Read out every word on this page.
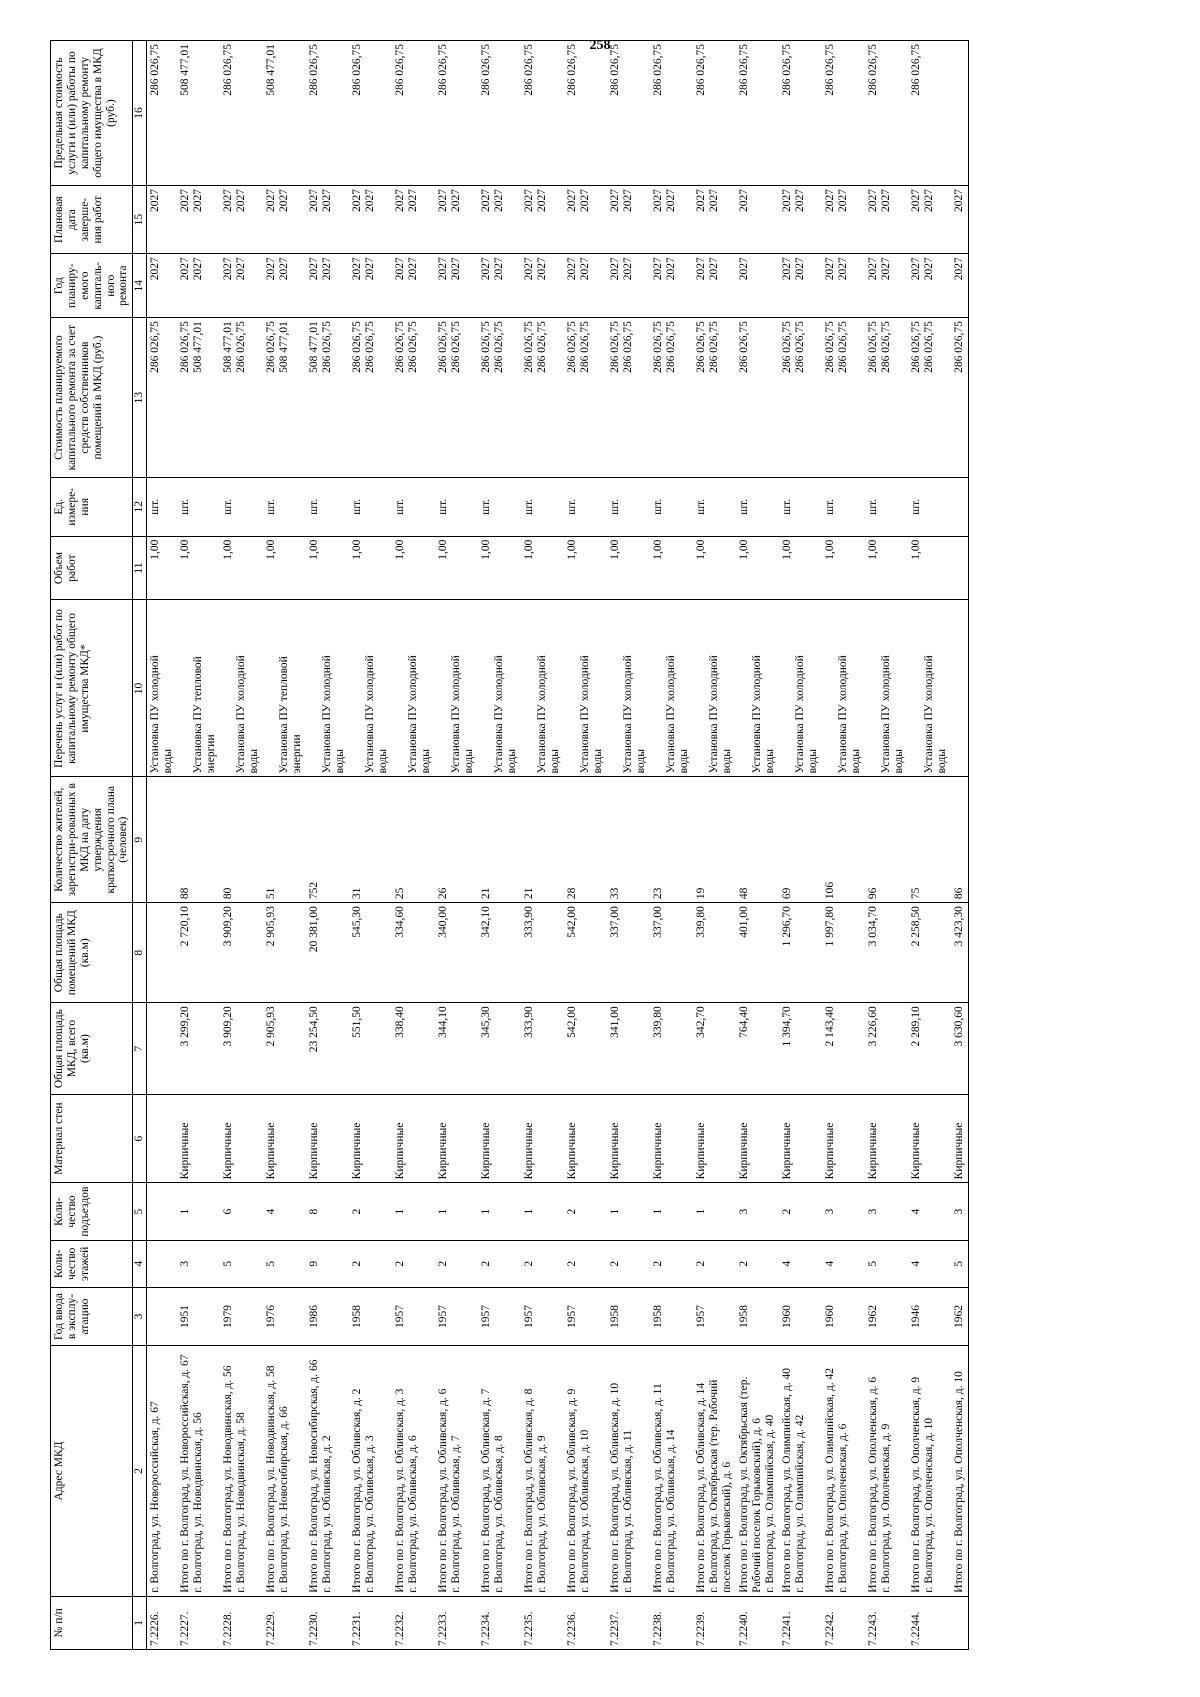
258
№ п/п	Адрес МКД	Год ввода в эксплу-атацию	Коли-чество этажей	Коли-чество подъездов	Материал стен	Общая площадь МКД, всего (кв.м)	Общая площадь помещений МКД (кв.м)	Количество жителей, зарегистри-рованных в МКД на дату утверждения краткосрочного плана (человек)	Перечень услуг и (или) работ по капитальному ремонту общего имущества МКД*	Объем работ	Ед. измере-ния	Стоимость планируемого капитального ремонта за счет средств собственников помещений в МКД (руб.)	Год планиру-емого капиталь-ного ремонта	Плановая дата заверше-ния работ	Предельная стоимость услуги и (или) работы по капитальному ремонту общего имущества в МКД (руб.)
1	2	3	4	5	6	7	8	9	10	11	12	13	14	15	16
7.2226.	г. Волгоград, ул. Новороссийская, д. 67								Установка ПУ холодной воды	1,00	шт.	286 026,75	2027	2027	286 026,75
7.2227.	Итого по г. Волгоград, ул. Новороссийская, д. 67 г. Волгоград, ул. Новодвинская, д. 56	1951	3	1	Кирпичные	3 299,20	2 720,10	88	Установка ПУ тепловой энергии	1,00	шт.	286 026,75 508 477,01	2027 2027	2027 2027	508 477,01
7.2228.	Итого по г. Волгоград, ул. Новодвинская, д. 56 г. Волгоград, ул. Новодвинская, д. 58	1979	5	6	Кирпичные	3 909,20	3 909,20	80	Установка ПУ холодной воды	1,00	шт.	508 477,01 286 026,75	2027 2027	2027 2027	286 026,75
7.2229.	Итого по г. Волгоград, ул. Новодвинская, д. 58 г. Волгоград, ул. Новосибирская, д. 66	1976	5	4	Кирпичные	2 905,93	2 905,93	51	Установка ПУ тепловой энергии	1,00	шт.	286 026,75 508 477,01	2027 2027	2027 2027	508 477,01
7.2230.	Итого по г. Волгоград, ул. Новосибирская, д. 66 г. Волгоград, ул. Обливская, д. 2	1986	9	8	Кирпичные	23 254,50	20 381,00	752	Установка ПУ холодной воды	1,00	шт.	508 477,01 286 026,75	2027 2027	2027 2027	286 026,75
7.2231.	Итого по г. Волгоград, ул. Обливская, д. 2 г. Волгоград, ул. Обливская, д. 3	1958	2	2	Кирпичные	551,50	545,30	31	Установка ПУ холодной воды	1,00	шт.	286 026,75 286 026,75	2027 2027	2027 2027	286 026,75
7.2232.	Итого по г. Волгоград, ул. Обливская, д. 3 г. Волгоград, ул. Обливская, д. 6	1957	2	1	Кирпичные	338,40	334,60	25	Установка ПУ холодной воды	1,00	шт.	286 026,75 286 026,75	2027 2027	2027 2027	286 026,75
7.2233.	Итого по г. Волгоград, ул. Обливская, д. 6 г. Волгоград, ул. Обливская, д. 7	1957	2	1	Кирпичные	344,10	340,00	26	Установка ПУ холодной воды	1,00	шт.	286 026,75 286 026,75	2027 2027	2027 2027	286 026,75
7.2234.	Итого по г. Волгоград, ул. Обливская, д. 7 г. Волгоград, ул. Обливская, д. 8	1957	2	1	Кирпичные	345,30	342,10	21	Установка ПУ холодной воды	1,00	шт.	286 026,75 286 026,75	2027 2027	2027 2027	286 026,75
7.2235.	Итого по г. Волгоград, ул. Обливская, д. 8 г. Волгоград, ул. Обливская, д. 9	1957	2	1	Кирпичные	333,90	333,90	21	Установка ПУ холодной воды	1,00	шт.	286 026,75 286 026,75	2027 2027	2027 2027	286 026,75
7.2236.	Итого по г. Волгоград, ул. Обливская, д. 9 г. Волгоград, ул. Обливская, д. 10	1957	2	2	Кирпичные	542,00	542,00	28	Установка ПУ холодной воды	1,00	шт.	286 026,75 286 026,75	2027 2027	2027 2027	286 026,75
7.2237.	Итого по г. Волгоград, ул. Обливская, д. 10 г. Волгоград, ул. Обливская, д. 11	1958	2	1	Кирпичные	341,00	337,00	33	Установка ПУ холодной воды	1,00	шт.	286 026,75 286 026,75	2027 2027	2027 2027	286 026,75
7.2238.	Итого по г. Волгоград, ул. Обливская, д. 11 г. Волгоград, ул. Обливская, д. 14	1958	2	1	Кирпичные	339,80	337,00	23	Установка ПУ холодной воды	1,00	шт.	286 026,75 286 026,75	2027 2027	2027 2027	286 026,75
7.2239.	Итого по г. Волгоград, ул. Обливская, д. 14 г. Волгоград, ул. Октябрьская (тер. Рабочий поселок Горьковский), д. 6	1957	2	1	Кирпичные	342,70	339,80	19	Установка ПУ холодной воды	1,00	шт.	286 026,75 286 026,75	2027 2027	2027 2027	286 026,75
7.2240.	Итого по г. Волгоград, ул. Октябрьская (тер. Рабочий поселок Горьковский), д. 6 г. Волгоград, ул. Олимпийская, д. 40	1958	2	3	Кирпичные	764,40	401,00	48	Установка ПУ холодной воды	1,00	шт.	286 026,75	2027	2027	286 026,75
7.2241.	Итого по г. Волгоград, ул. Олимпийская, д. 40 г. Волгоград, ул. Олимпийская, д. 42	1960	4	2	Кирпичные	1 394,70	1 296,70	69	Установка ПУ холодной воды	1,00	шт.	286 026,75 286 026,75	2027 2027	2027 2027	286 026,75
7.2242.	Итого по г. Волгоград, ул. Олимпийская, д. 42 г. Волгоград, ул. Ополченская, д. 6	1960	4	3	Кирпичные	2 143,40	1 997,80	106	Установка ПУ холодной воды	1,00	шт.	286 026,75 286 026,75	2027 2027	2027 2027	286 026,75
7.2243.	Итого по г. Волгоград, ул. Ополченская, д. 6 г. Волгоград, ул. Ополченская, д. 9	1962	5	3	Кирпичные	3 226,60	3 034,70	96	Установка ПУ холодной воды	1,00	шт.	286 026,75 286 026,75	2027 2027	2027 2027	286 026,75
7.2244.	Итого по г. Волгоград, ул. Ополченская, д. 9 г. Волгоград, ул. Ополченская, д. 10	1946	4	4	Кирпичные	2 289,10	2 258,50	75	Установка ПУ холодной воды	1,00	шт.	286 026,75 286 026,75	2027 2027	2027 2027	286 026,75

	Итого по г. Волгоград, ул. Ополченская, д. 10	1962	5	3	Кирпичные	3 630,60	3 423,30	86				286 026,75	2027	2027	
